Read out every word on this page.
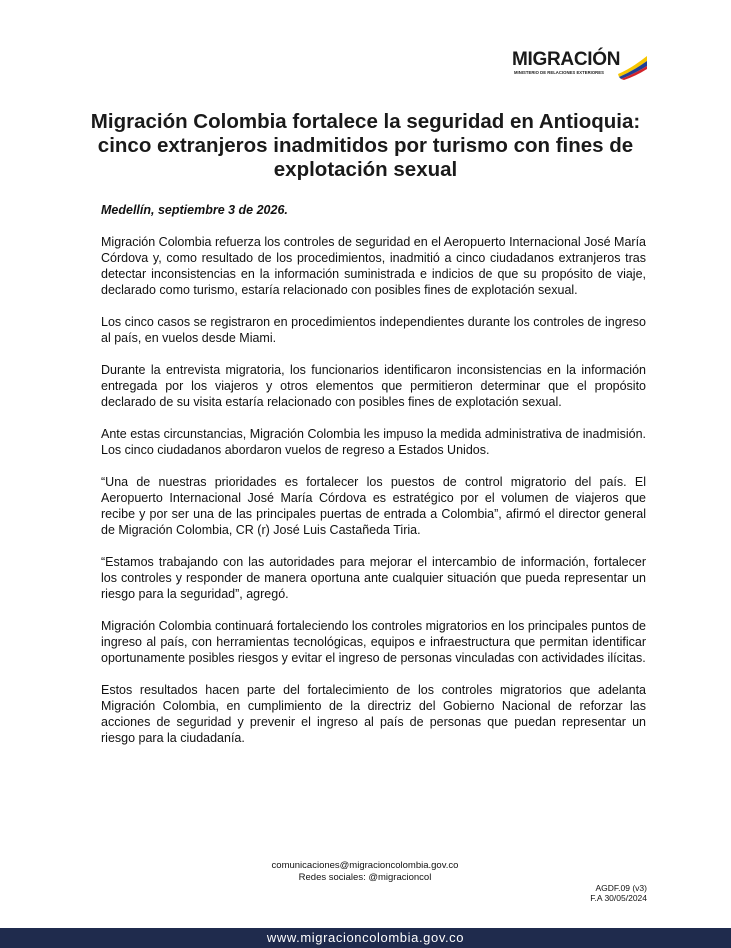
MIGRACIÓN
MINISTERIO DE RELACIONES EXTERIORES
Migración Colombia fortalece la seguridad en Antioquia: cinco extranjeros inadmitidos por turismo con fines de explotación sexual

Medellín, septiembre 3 de 2026.

Migración Colombia refuerza los controles de seguridad en el Aeropuerto Internacional José María Córdova y, como resultado de los procedimientos, inadmitió a cinco ciudadanos extranjeros tras detectar inconsistencias en la información suministrada e indicios de que su propósito de viaje, declarado como turismo, estaría relacionado con posibles fines de explotación sexual.

Los cinco casos se registraron en procedimientos independientes durante los controles de ingreso al país, en vuelos desde Miami.

Durante la entrevista migratoria, los funcionarios identificaron inconsistencias en la información entregada por los viajeros y otros elementos que permitieron determinar que el propósito declarado de su visita estaría relacionado con posibles fines de explotación sexual.

Ante estas circunstancias, Migración Colombia les impuso la medida administrativa de inadmisión. Los cinco ciudadanos abordaron vuelos de regreso a Estados Unidos.

“Una de nuestras prioridades es fortalecer los puestos de control migratorio del país. El Aeropuerto Internacional José María Córdova es estratégico por el volumen de viajeros que recibe y por ser una de las principales puertas de entrada a Colombia”, afirmó el director general de Migración Colombia, CR (r) José Luis Castañeda Tiria.

“Estamos trabajando con las autoridades para mejorar el intercambio de información, fortalecer los controles y responder de manera oportuna ante cualquier situación que pueda representar un riesgo para la seguridad”, agregó.

Migración Colombia continuará fortaleciendo los controles migratorios en los principales puntos de ingreso al país, con herramientas tecnológicas, equipos e infraestructura que permitan identificar oportunamente posibles riesgos y evitar el ingreso de personas vinculadas con actividades ilícitas.

Estos resultados hacen parte del fortalecimiento de los controles migratorios que adelanta Migración Colombia, en cumplimiento de la directriz del Gobierno Nacional de reforzar las acciones de seguridad y prevenir el ingreso al país de personas que puedan representar un riesgo para la ciudadanía.

comunicaciones@migracioncolombia.gov.co
Redes sociales: @migracioncol
AGDF.09 (v3)
F.A 30/05/2024
www.migracioncolombia.gov.co
